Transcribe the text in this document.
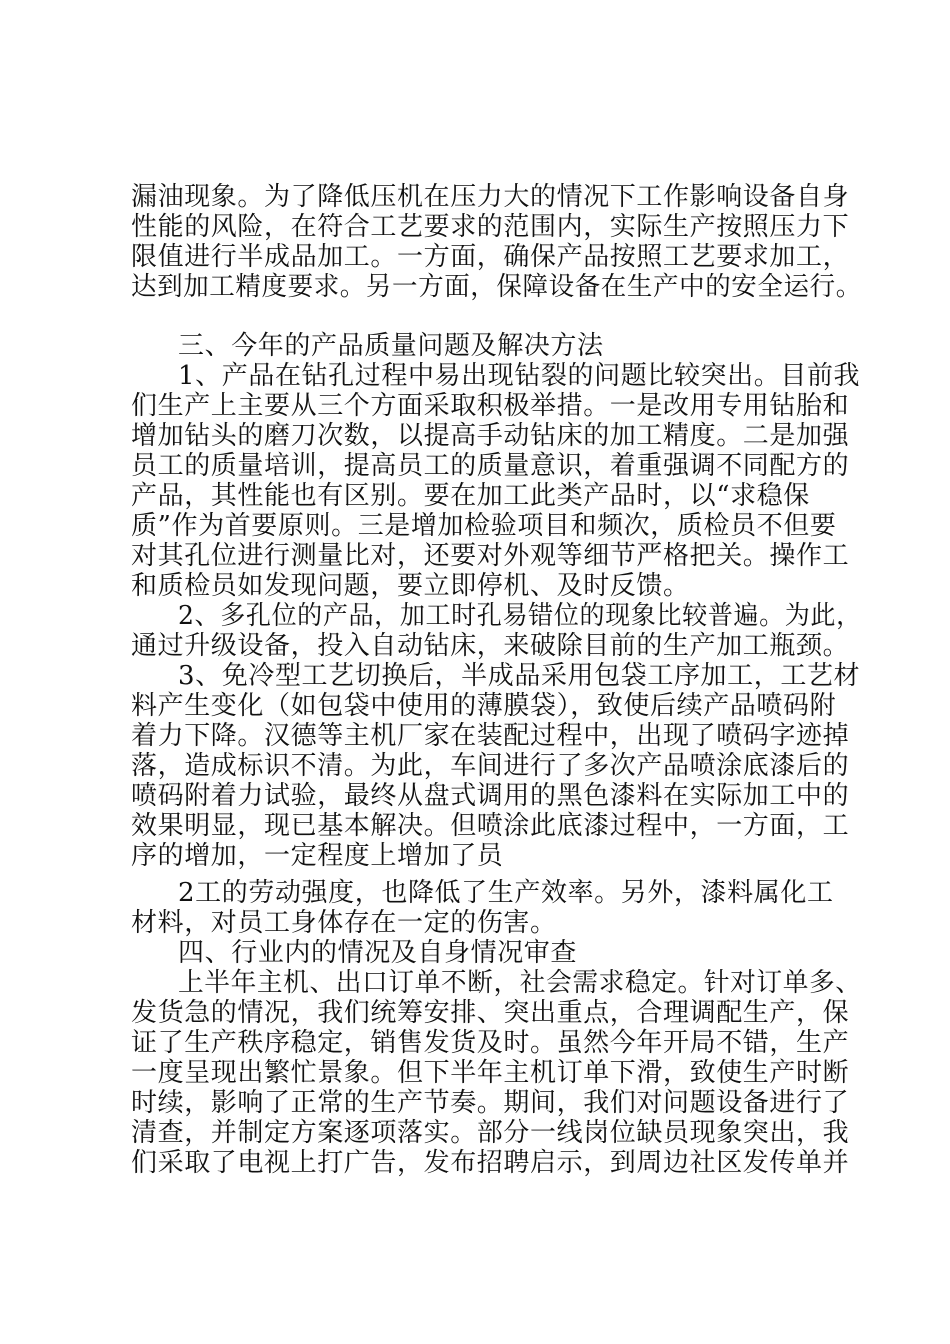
漏油现象。为了降低压机在压力大的情况下工作影响设备自身
性能的风险，在符合工艺要求的范围内，实际生产按照压力下
限值进行半成品加工。一方面，确保产品按照工艺要求加工，
达到加工精度要求。另一方面，保障设备在生产中的安全运行。
三、今年的产品质量问题及解决方法
1、产品在钻孔过程中易出现钻裂的问题比较突出。目前我
们生产上主要从三个方面采取积极举措。一是改用专用钻胎和
增加钻头的磨刀次数，以提高手动钻床的加工精度。二是加强
员工的质量培训，提高员工的质量意识，着重强调不同配方的
产品，其性能也有区别。要在加工此类产品时，以“求稳保
质”作为首要原则。三是增加检验项目和频次，质检员不但要
对其孔位进行测量比对，还要对外观等细节严格把关。操作工
和质检员如发现问题，要立即停机、及时反馈。
2、多孔位的产品，加工时孔易错位的现象比较普遍。为此，
通过升级设备，投入自动钻床，来破除目前的生产加工瓶颈。
3、免冷型工艺切换后，半成品采用包袋工序加工，工艺材
料产生变化（如包袋中使用的薄膜袋），致使后续产品喷码附
着力下降。汉德等主机厂家在装配过程中，出现了喷码字迹掉
落，造成标识不清。为此，车间进行了多次产品喷涂底漆后的
喷码附着力试验，最终从盘式调用的黑色漆料在实际加工中的
效果明显，现已基本解决。但喷涂此底漆过程中，一方面，工
序的增加，一定程度上增加了员
2工的劳动强度，也降低了生产效率。另外，漆料属化工
材料，对员工身体存在一定的伤害。
四、行业内的情况及自身情况审查
上半年主机、出口订单不断，社会需求稳定。针对订单多、
发货急的情况，我们统筹安排、突出重点，合理调配生产，保
证了生产秩序稳定，销售发货及时。虽然今年开局不错，生产
一度呈现出繁忙景象。但下半年主机订单下滑，致使生产时断
时续，影响了正常的生产节奏。期间，我们对问题设备进行了
清查，并制定方案逐项落实。部分一线岗位缺员现象突出，我
们采取了电视上打广告，发布招聘启示，到周边社区发传单并
